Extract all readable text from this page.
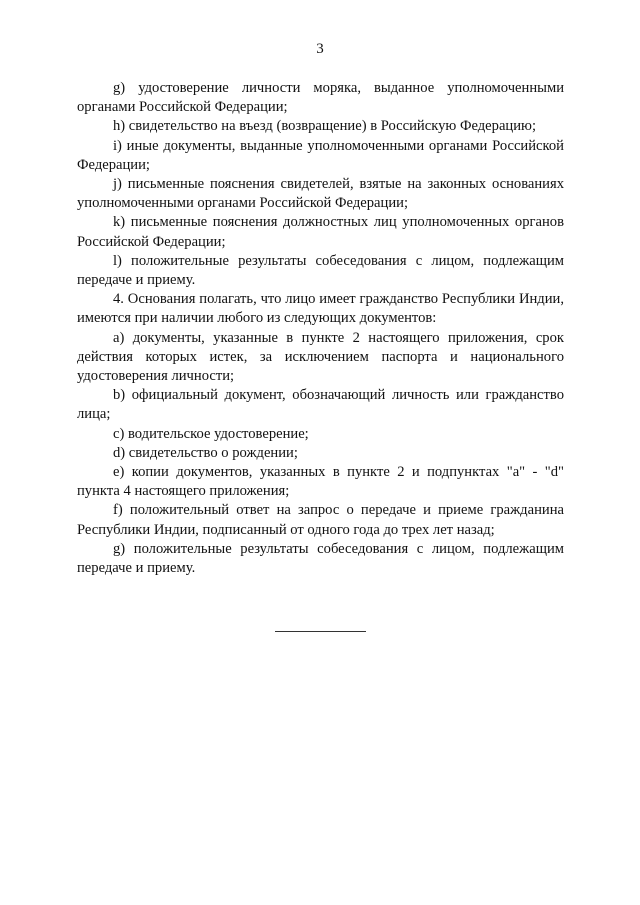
3

g) удостоверение личности моряка, выданное уполномоченными органами Российской Федерации;

h) свидетельство на въезд (возвращение) в Российскую Федерацию;

i) иные документы, выданные уполномоченными органами Российской Федерации;

j) письменные пояснения свидетелей, взятые на законных основаниях уполномоченными органами Российской Федерации;

k) письменные пояснения должностных лиц уполномоченных органов Российской Федерации;

l) положительные результаты собеседования с лицом, подлежащим передаче и приему.

4. Основания полагать, что лицо имеет гражданство Республики Индии, имеются при наличии любого из следующих документов:

a) документы, указанные в пункте 2 настоящего приложения, срок действия которых истек, за исключением паспорта и национального удостоверения личности;

b) официальный документ, обозначающий личность или гражданство лица;

c) водительское удостоверение;

d) свидетельство о рождении;

e) копии документов, указанных в пункте 2 и подпунктах "а" - "d" пункта 4 настоящего приложения;

f) положительный ответ на запрос о передаче и приеме гражданина Республики Индии, подписанный от одного года до трех лет назад;

g) положительные результаты собеседования с лицом, подлежащим передаче и приему.
